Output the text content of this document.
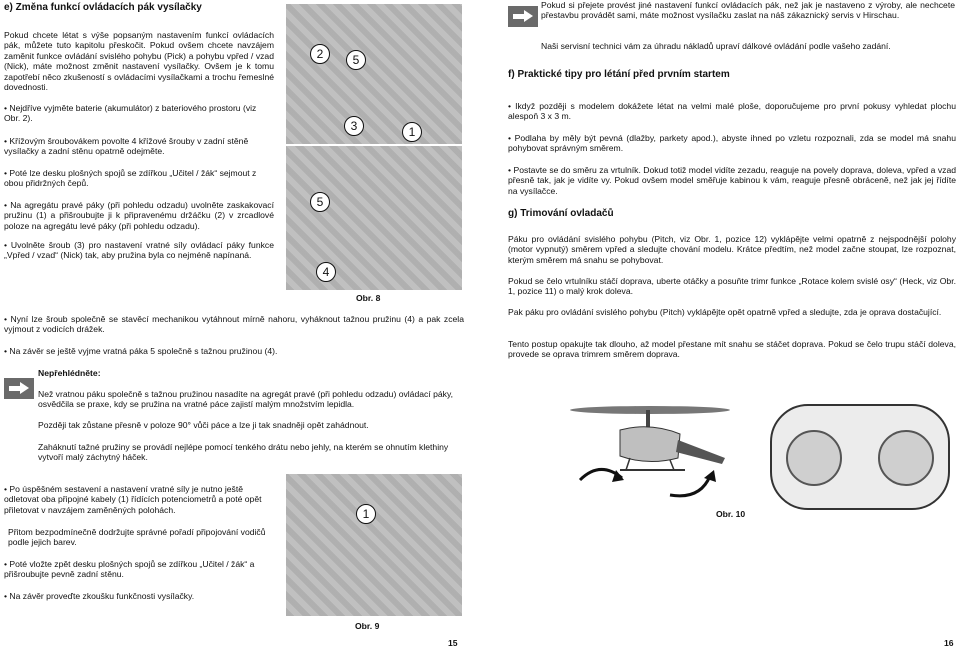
e) Změna funkcí ovládacích pák vysílačky

Pokud chcete létat s výše popsaným nastavením funkcí ovládacích pák, můžete tuto kapitolu přeskočit. Pokud ovšem chcete navzájem zaměnit funkce ovládání svislého pohybu (Pick) a pohybu vpřed / vzad (Nick), máte možnost změnit nastavení vysílačky. Ovšem je k tomu zapotřebí něco zkušeností s ovládacími vysílačkami a trochu řemeslné dovednosti.

• Nejdříve vyjměte baterie (akumulátor) z bateriového prostoru (viz Obr. 2).

• Křížovým šroubovákem povolte 4 křížové šrouby v zadní stěně vysílačky a zadní stěnu opatrně odejměte.

• Poté lze desku plošných spojů se zdířkou „Učitel / žák“ sejmout z obou přidržných čepů.

• Na agregátu pravé páky (při pohledu odzadu) uvolněte zaskakovací pružinu (1) a přišroubujte ji k připravenému držáčku (2) v zrcadlové poloze na agregátu levé páky (při pohledu odzadu).

• Uvolněte šroub (3) pro nastavení vratné síly ovládací páky funkce „Vpřed / vzad“ (Nick) tak, aby pružina byla co nejméně napínaná.

2	5
3	1
5
4
Obr. 8

• Nyní lze šroub společně se stavěcí mechanikou vytáhnout mírně nahoru, vyháknout tažnou pružinu (4) a pak zcela vyjmout z vodicích drážek.

• Na závěr se ještě vyjme vratná páka 5 společně s tažnou pružinou (4).

Nepřehlédněte:

Než vratnou páku společně s tažnou pružinou nasadíte na agregát pravé (při pohledu odzadu) ovládací páky, osvědčila se praxe, kdy se pružina na vratné páce zajistí malým množstvím lepidla.

Později tak zůstane přesně v poloze 90° vůči páce a lze ji tak snadněji opět zahádnout.

Zaháknutí tažné pružiny se provádí nejlépe pomocí tenkého drátu nebo jehly, na kterém se ohnutím klethiny vytvoří malý záchytný háček.

• Po úspěšném sestavení a nastavení vratné síly je nutno ještě odletovat oba připojné kabely (1) řídících potenciometrů a poté opět přiletovat v navzájem zaměněných polohách.

Přitom bezpodmínečně dodržujte správné pořadí připojování vodičů podle jejich barev.

• Poté vložte zpět desku plošných spojů se zdířkou „Učitel / žák“ a přišroubujte pevně zadní stěnu.

• Na závěr proveďte zkoušku funkčnosti vysílačky.

1
Obr. 9
15

Pokud si přejete provést jiné nastavení funkcí ovládacích pák, než jak je nastaveno z výroby, ale nechcete přestavbu provádět sami, máte možnost vysílačku zaslat na náš zákaznický servis v Hirschau.

Naši servisní technici vám za úhradu nákladů upraví dálkové ovládání podle vašeho zadání.

f) Praktické tipy pro létání před prvním startem

• Ikdyž později s modelem dokážete létat na velmi malé ploše, doporučujeme pro první pokusy vyhledat plochu alespoň 3 x 3 m.

• Podlaha by měly být pevná (dlažby, parkety apod.), abyste ihned po vzletu rozpoznali, zda se model má snahu pohybovat správným směrem.

• Postavte se do směru za vrtulník. Dokud totiž model vidíte zezadu, reaguje na povely doprava, doleva, vpřed a vzad přesně tak, jak je vidíte vy. Pokud ovšem model směřuje kabinou k vám, reaguje přesně obráceně, než jak jej řídíte na vysílačce.

g) Trimování ovladačů

Páku pro ovládání svislého pohybu (Pitch, viz Obr. 1, pozice 12) vyklápějte velmi opatrně z nejspodnější polohy (motor vypnutý) směrem vpřed a sledujte chování modelu. Krátce předtím, než model začne stoupat, lze rozpoznat, kterým směrem má snahu se pohybovat.

Pokud se čelo vrtulníku stáčí doprava, uberte otáčky a posuňte trimr funkce „Rotace kolem svislé osy“ (Heck, viz Obr. 1, pozice 11) o malý krok doleva.

Pak páku pro ovládání svislého pohybu (Pitch) vyklápějte opět opatrně vpřed a sledujte, zda je oprava dostačující.

Tento postup opakujte tak dlouho, až model přestane mít snahu se stáčet doprava. Pokud se čelo trupu stáčí doleva, provede se oprava trimrem směrem doprava.

Obr. 10
16
